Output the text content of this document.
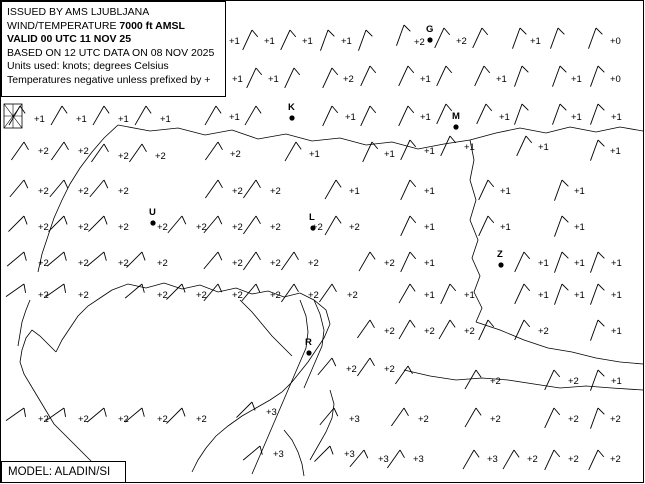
+1	+1	+1	+1	+2	+2	+1	+0
+1	+1	+2	+1	+1	+1	+0
+1	+1	+1	+1	+1	+1	+1	+1	+1	+1
+2	+2	+2	+2	+2	+1	+1	+1	+1	+1	+1
+2	+2	+2	+2	+2	+1	+1	+1	+1
+2	+2	+2	+2	+2	+2	+2	+2	+2	+1	+1	+1
+2	+2	+2	+2	+2	+2	+2	+2	+1	+1	+1	+1
+2	+2	+2	+2	+2	+2	+2	+2	+1	+1	+1	+1	+1
+2	+2	+2	+2	+1
+2	+2
+2	+2	+1
+2	+2	+2	+2	+2
+3
+3	+2	+2	+2	+2
+3	+3 +3	+3	+3	+2	+2	+2
G
K
M
U	L
Z
R
ISSUED BY AMS LJUBLJANA
WIND/TEMPERATURE 7000 ft AMSL
VALID 00 UTC 11 NOV 25
BASED ON 12 UTC DATA ON 08 NOV 2025
Units used: knots; degrees Celsius
Temperatures negative unless prefixed by +
MODEL: ALADIN/SI
